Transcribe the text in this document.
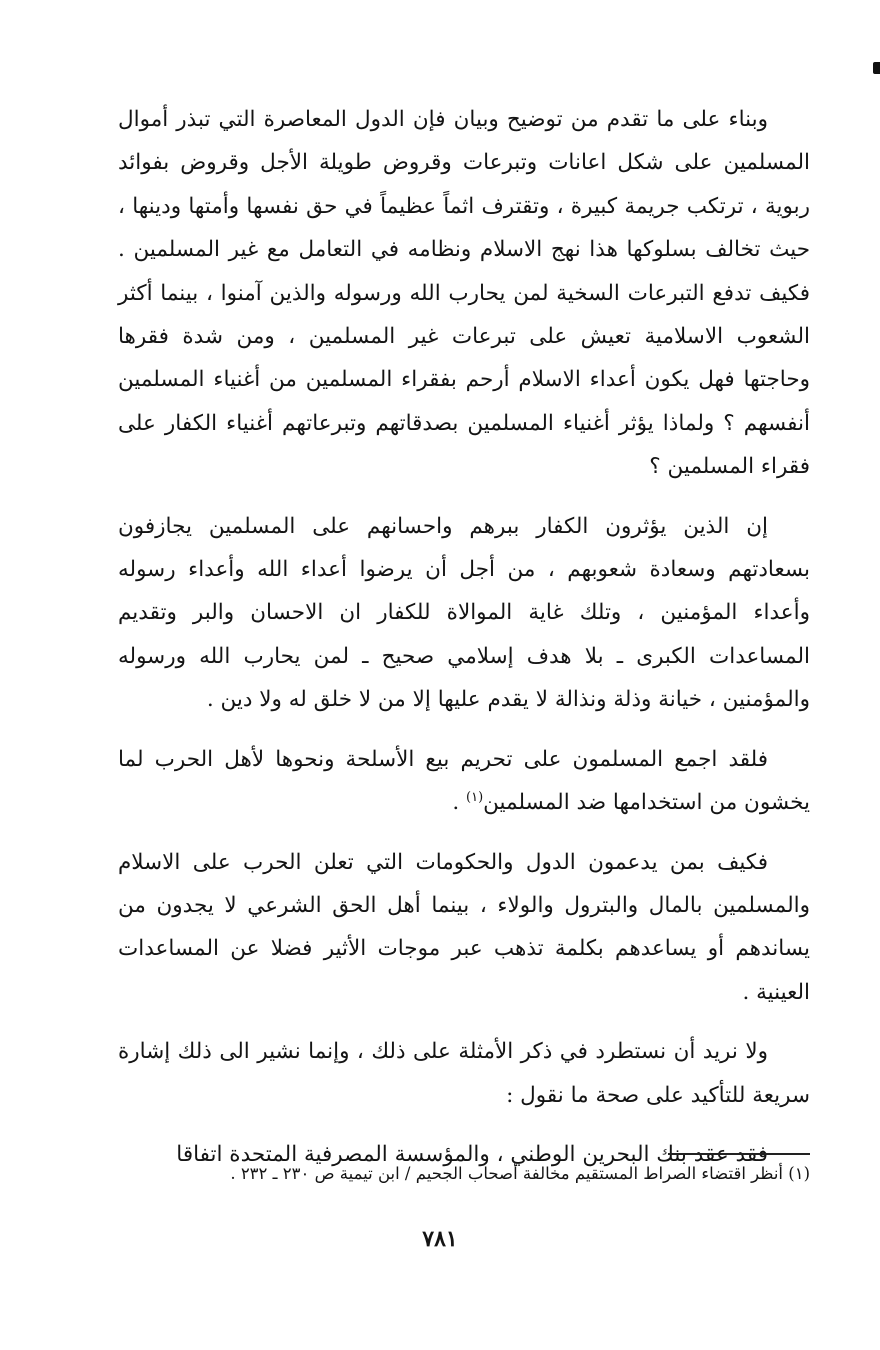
وبناء على ما تقدم من توضيح وبيان فإن الدول المعاصرة التي تبذر أموال المسلمين على شكل اعانات وتبرعات وقروض طويلة الأجل وقروض بفوائد ربوية ، ترتكب جريمة كبيرة ، وتقترف اثماً عظيماً في حق نفسها وأمتها ودينها ، حيث تخالف بسلوكها هذا نهج الاسلام ونظامه في التعامل مع غير المسلمين . فكيف تدفع التبرعات السخية لمن يحارب الله ورسوله والذين آمنوا ، بينما أكثر الشعوب الاسلامية تعيش على تبرعات غير المسلمين ، ومن شدة فقرها وحاجتها فهل يكون أعداء الاسلام أرحم بفقراء المسلمين من أغنياء المسلمين أنفسهم ؟ ولماذا يؤثر أغنياء المسلمين بصدقاتهم وتبرعاتهم أغنياء الكفار على فقراء المسلمين ؟

إن الذين يؤثرون الكفار ببرهم واحسانهم على المسلمين يجازفون بسعادتهم وسعادة شعوبهم ، من أجل أن يرضوا أعداء الله وأعداء رسوله وأعداء المؤمنين ، وتلك غاية الموالاة للكفار ان الاحسان والبر وتقديم المساعدات الكبرى ـ بلا هدف إسلامي صحيح ـ لمن يحارب الله ورسوله والمؤمنين ، خيانة وذلة ونذالة لا يقدم عليها إلا من لا خلق له ولا دين .

فلقد اجمع المسلمون على تحريم بيع الأسلحة ونحوها لأهل الحرب لما يخشون من استخدامها ضد المسلمين$^{(١)}$ .

فكيف بمن يدعمون الدول والحكومات التي تعلن الحرب على الاسلام والمسلمين بالمال والبترول والولاء ، بينما أهل الحق الشرعي لا يجدون من يساندهم أو يساعدهم بكلمة تذهب عبر موجات الأثير فضلا عن المساعدات العينية .

ولا نريد أن نستطرد في ذكر الأمثلة على ذلك ، وإنما نشير الى ذلك إشارة سريعة للتأكيد على صحة ما نقول :

فقد عقد بنك البحرين الوطني ، والمؤسسة المصرفية المتحدة اتفاقا

(١) أنظر اقتضاء الصراط المستقيم مخالفة أصحاب الجحيم / ابن تيمية ص ٢٣٠ ـ ٢٣٢ .
٧٨١
